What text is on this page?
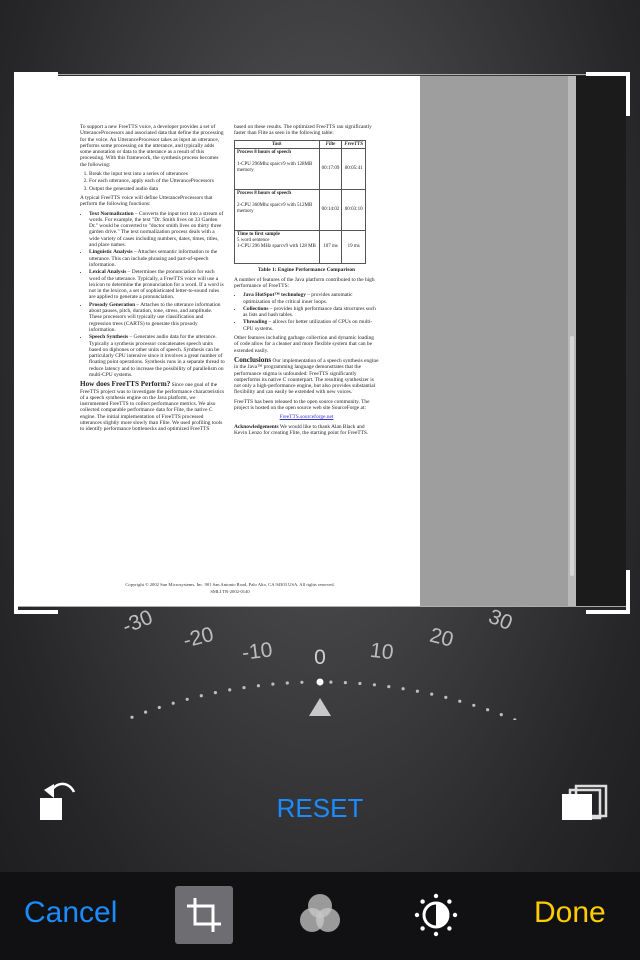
To support a new FreeTTS voice, a developer provides a set of UtteranceProcessors and associated data that define the processing for the voice. An UtteranceProcessor takes as input an utterance, performs some processing on the utterance, and typically adds some annotation or data to the utterance as a result of this processing. With this framework, the synthesis process becomes the following:

1. Break the input text into a series of utterances
2. For each utterance, apply each of the UtteranceProcessors
3. Output the generated audio data

A typical FreeTTS voice will define UtteranceProcessors that perform the following functions:

• Text Normalization – Converts the input text into a stream of words. For example, the text "Dr. Smith lives on 33 Garden Dr." would be converted to "doctor smith lives on thirty three garden drive." The text normalization process deals with a wide variety of cases including numbers, dates, times, titles, and place names.
• Linguistic Analysis – Attaches semantic information to the utterance. This can include phrasing and part-of-speech information.
• Lexical Analysis – Determines the pronunciation for each word of the utterance. Typically, a FreeTTS voice will use a lexicon to determine the pronunciation for a word. If a word is not in the lexicon, a set of sophisticated letter-to-sound rules are applied to generate a pronunciation.
• Prosody Generation – Attaches to the utterance information about pauses, pitch, duration, tone, stress, and amplitude. These processors will typically use classification and regression trees (CARTS) to generate this prosody information.
• Speech Synthesis – Generates audio data for the utterance. Typically a synthesis processor concatenates speech units based on diphones or other units of speech. Synthesis can be particularly CPU intensive since it involves a great number of floating point operations. Synthesis runs in a separate thread to reduce latency and to increase the possibility of parallelism on multi-CPU systems.

How does FreeTTS Perform? Since one goal of the FreeTTS project was to investigate the performance characteristics of a speech synthesis engine on the Java platform, we instrumented FreeTTS to collect performance metrics. We also collected comparable performance data for Flite, the native C engine. The initial implementation of FreeTTS processed utterances slightly more slowly than Flite. We used profiling tools to identify performance bottlenecks and optimized FreeTTS

based on these results. The optimized FreeTTS ran significantly faster than Flite as seen in the following table:

Task	Flite	FreeTTS
Process 8 hours of speech

1-CPU 296Mhz sparcv9 with 128MB memory	00:17:09	00:05:41
Process 8 hours of speech

2-CPU 360Mhz sparcv9 with 512MB memory	00:14:02	00:03:10
Time to first sample
5 word sentence
1-CPU 296 MHz sparcv9 with 128 MB	107 ms	19 ms
Table 1: Engine Performance Comparison

A number of features of the Java platform contributed to the high performance of FreeTTS:

• Java HotSpot™ technology – provides automatic optimization of the critical inner loops.
• Collections – provides high performance data structures such as lists and hash tables.
• Threading – allows for better utilization of CPUs on multi-CPU systems.

Other features including garbage collection and dynamic loading of code allow for a cleaner and more flexible system that can be extended easily.

Conclusions Our implementation of a speech synthesis engine in the Java™ programming language demonstrates that the performance stigma is unfounded: FreeTTS significantly outperforms its native C counterpart. The resulting synthesizer is not only a high-performance engine, but also provides substantial flexibility and can easily be extended with new voices.

FreeTTS has been released to the open source community. The project is hosted on the open source web site SourceForge at:

FreeTTS.sourceforge.net

Acknowledgements We would like to thank Alan Black and Kevin Lenzo for creating Flite, the starting point for FreeTTS.

Copyright © 2002 Sun Microsystems, Inc. 901 San Antonio Road, Palo Alto, CA 94303 USA. All rights reserved.
SMLI TR-2002-0140
-30 -20 -10 0 10 20
30
RESET
Cancel	Done
